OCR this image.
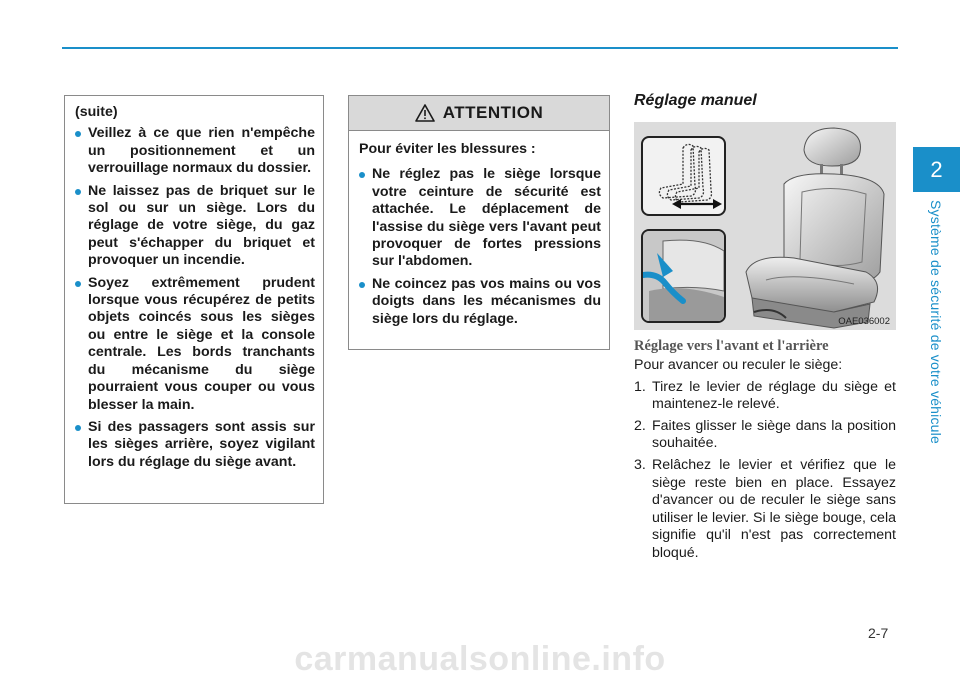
2
Système de sécurité de votre véhicule
(suite)
Veillez à ce que rien n'empêche un positionnement et un verrouillage normaux du dossier.
Ne laissez pas de briquet sur le sol ou sur un siège. Lors du réglage de votre siège, du gaz peut s'échapper du briquet et provoquer un incendie.
Soyez extrêmement prudent lorsque vous récupérez de petits objets coincés sous les sièges ou entre le siège et la console centrale. Les bords tranchants du mécanisme du siège pourraient vous couper ou vous blesser la main.
Si des passagers sont assis sur les sièges arrière, soyez vigilant lors du réglage du siège avant.
ATTENTION
Pour éviter les blessures :
Ne réglez pas le siège lorsque votre ceinture de sécurité est attachée. Le déplacement de l'assise du siège vers l'avant peut provoquer de fortes pressions sur l'abdomen.
Ne coincez pas vos mains ou vos doigts dans les mécanismes du siège lors du réglage.
Réglage manuel
OAE036002
Réglage vers l'avant et l'arrière

Pour avancer ou reculer le siège:

1. Tirez le levier de réglage du siège et maintenez-le relevé.
2. Faites glisser le siège dans la position souhaitée.
3. Relâchez le levier et vérifiez que le siège reste bien en place. Essayez d'avancer ou de reculer le siège sans utiliser le levier. Si le siège bouge, cela signifie qu'il n'est pas correctement bloqué.
2-7
carmanualsonline.info
